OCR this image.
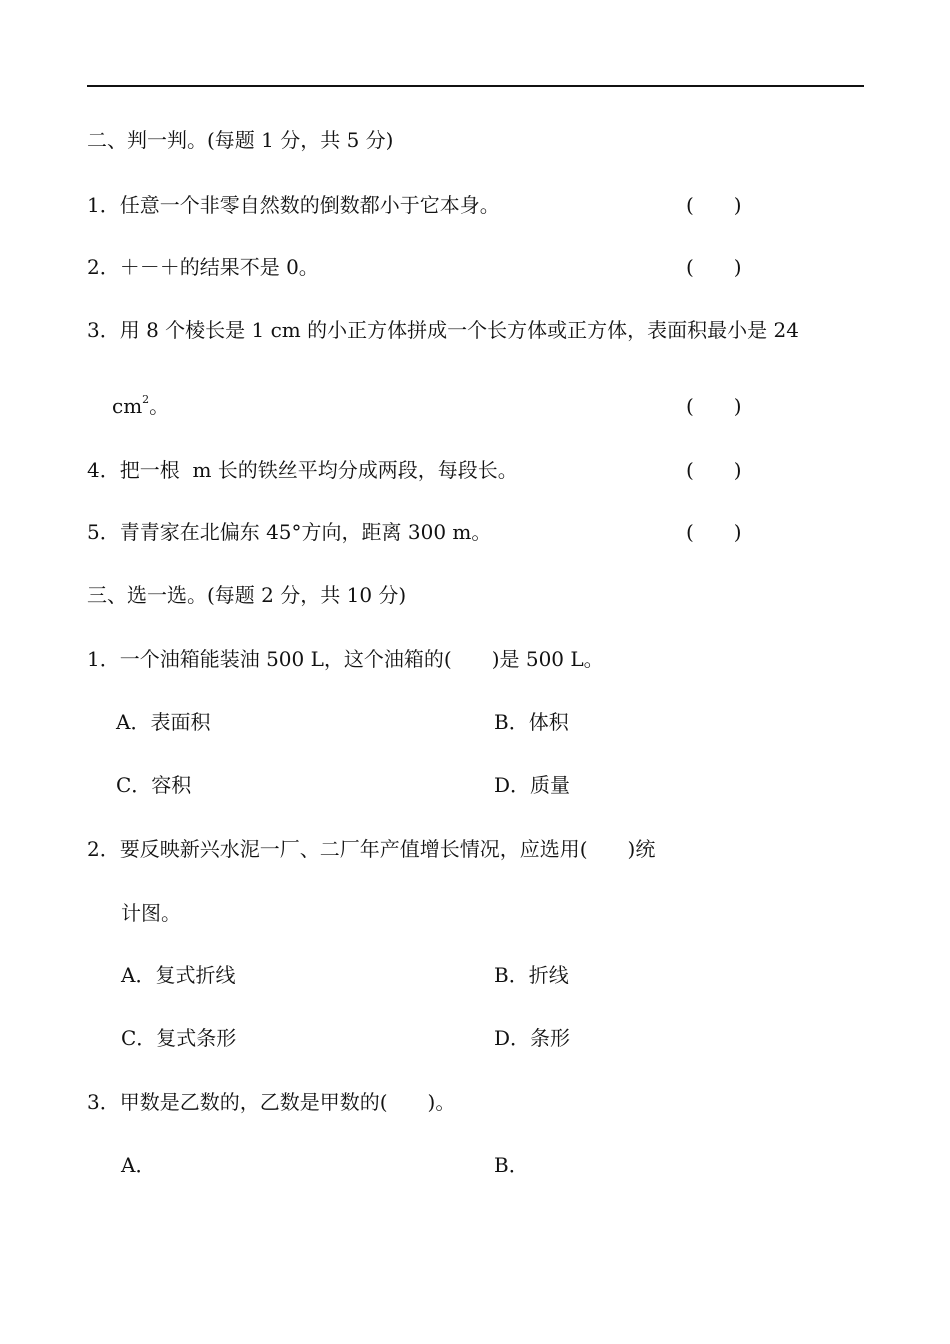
二、判一判。(每题 1 分，共 5 分)
1．任意一个非零自然数的倒数都小于它本身。	(　　)
2．＋－＋的结果不是 0。	(　　)
3．用 8 个棱长是 1 cm 的小正方体拼成一个长方体或正方体，表面积最小是 24
$cm^2$。	(　　)
4．把一根  m 长的铁丝平均分成两段，每段长。	(　　)
5．青青家在北偏东 45°方向，距离 300 m。	(　　)
三、选一选。(每题 2 分，共 10 分)
1．一个油箱能装油 500 L，这个油箱的(　　)是 500 L。
A．表面积	B．体积
C．容积	D．质量
2．要反映新兴水泥一厂、二厂年产值增长情况，应选用(　　)统
计图。
A．复式折线	B．折线
C．复式条形	D．条形
3．甲数是乙数的，乙数是甲数的(　　)。
A．	B．
